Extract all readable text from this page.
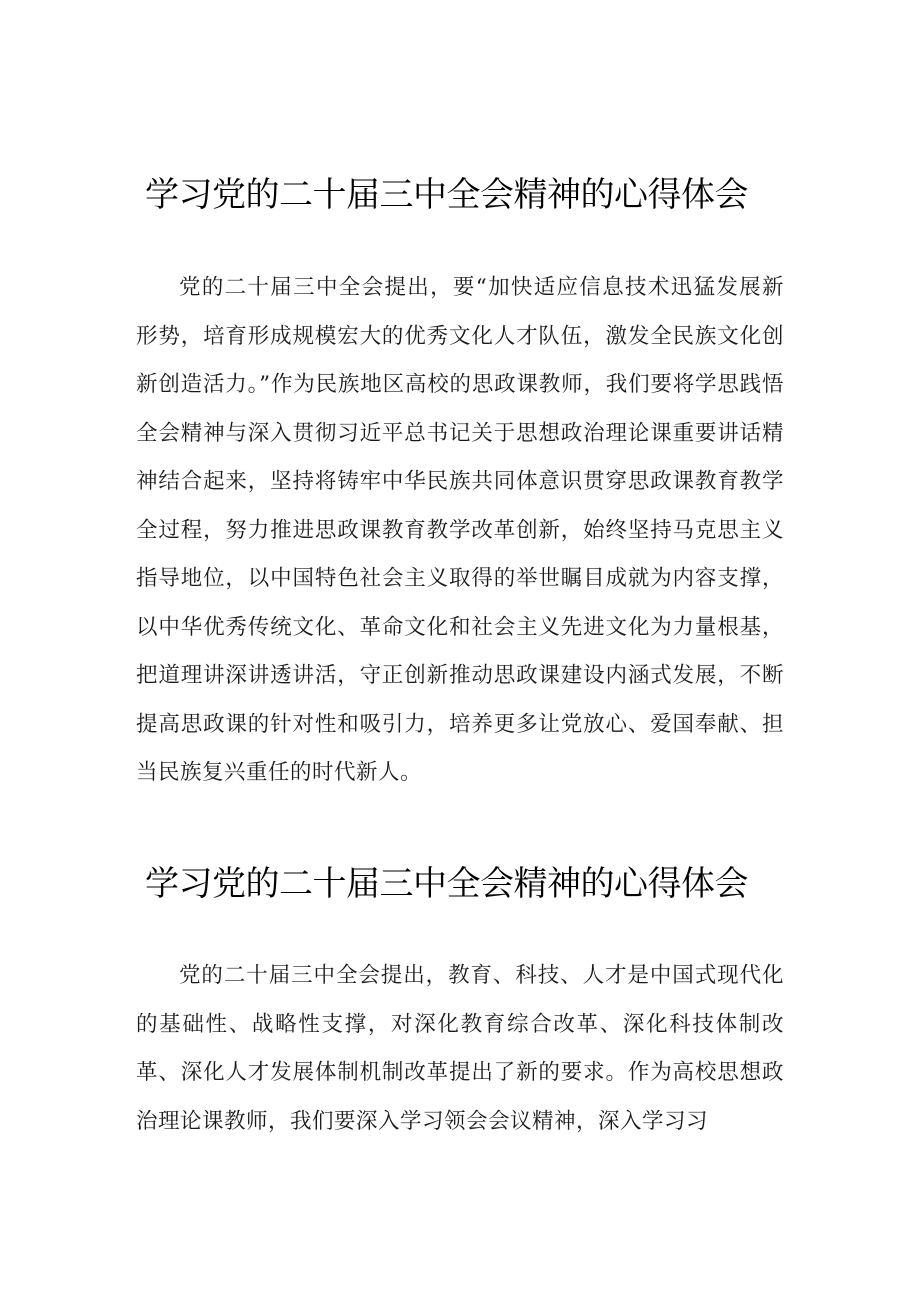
学习党的二十届三中全会精神的心得体会

党的二十届三中全会提出，要“加快适应信息技术迅猛发展新形势，培育形成规模宏大的优秀文化人才队伍，激发全民族文化创新创造活力。”作为民族地区高校的思政课教师，我们要将学思践悟全会精神与深入贯彻习近平总书记关于思想政治理论课重要讲话精神结合起来，坚持将铸牢中华民族共同体意识贯穿思政课教育教学全过程，努力推进思政课教育教学改革创新，始终坚持马克思主义指导地位，以中国特色社会主义取得的举世瞩目成就为内容支撑，以中华优秀传统文化、革命文化和社会主义先进文化为力量根基，把道理讲深讲透讲活，守正创新推动思政课建设内涵式发展，不断提高思政课的针对性和吸引力，培养更多让党放心、爱国奉献、担当民族复兴重任的时代新人。

学习党的二十届三中全会精神的心得体会

党的二十届三中全会提出，教育、科技、人才是中国式现代化的基础性、战略性支撑，对深化教育综合改革、深化科技体制改革、深化人才发展体制机制改革提出了新的要求。作为高校思想政治理论课教师，我们要深入学习领会会议精神，深入学习习
